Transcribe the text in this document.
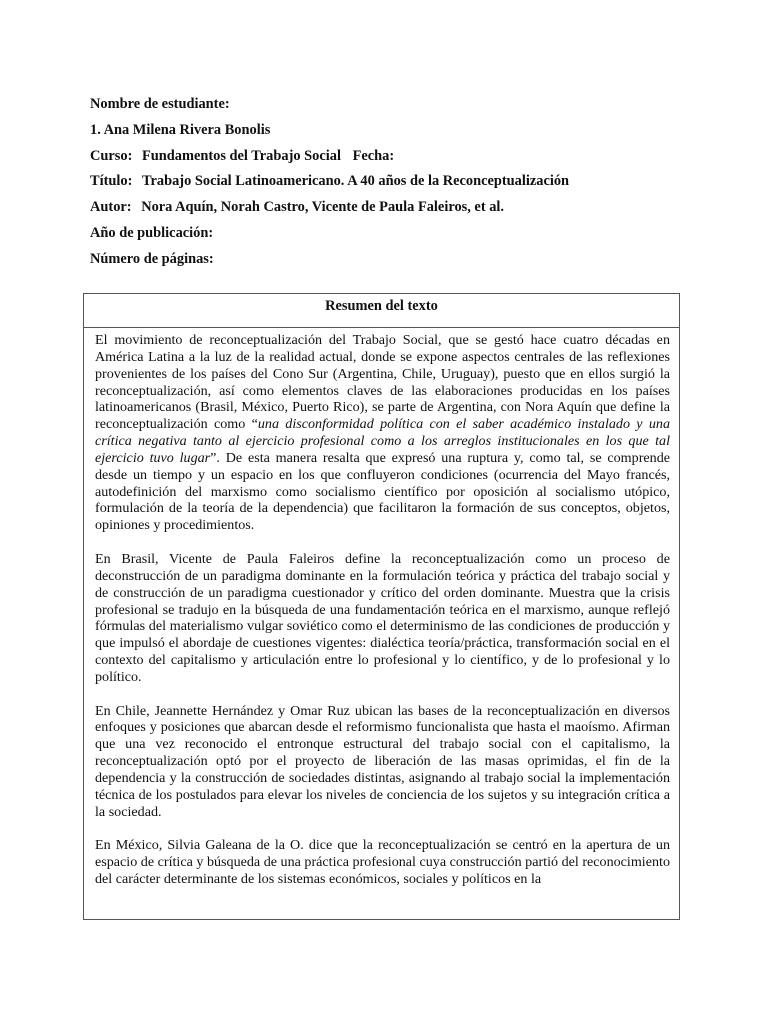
Nombre de estudiante:
1. Ana Milena Rivera Bonolis
Curso: Fundamentos del Trabajo Social Fecha:
Título: Trabajo Social Latinoamericano. A 40 años de la Reconceptualización
Autor: Nora Aquín, Norah Castro, Vicente de Paula Faleiros, et al.
Año de publicación:
Número de páginas:
Resumen del texto

El movimiento de reconceptualización del Trabajo Social, que se gestó hace cuatro décadas en América Latina a la luz de la realidad actual, donde se expone aspectos centrales de las reflexiones provenientes de los países del Cono Sur (Argentina, Chile, Uruguay), puesto que en ellos surgió la reconceptualización, así como elementos claves de las elaboraciones producidas en los países latinoamericanos (Brasil, México, Puerto Rico), se parte de Argentina, con Nora Aquín que define la reconceptualización como “una disconformidad política con el saber académico instalado y una crítica negativa tanto al ejercicio profesional como a los arreglos institucionales en los que tal ejercicio tuvo lugar”. De esta manera resalta que expresó una ruptura y, como tal, se comprende desde un tiempo y un espacio en los que confluyeron condiciones (ocurrencia del Mayo francés, autodefinición del marxismo como socialismo científico por oposición al socialismo utópico, formulación de la teoría de la dependencia) que facilitaron la formación de sus conceptos, objetos, opiniones y procedimientos.

En Brasil, Vicente de Paula Faleiros define la reconceptualización como un proceso de deconstrucción de un paradigma dominante en la formulación teórica y práctica del trabajo social y de construcción de un paradigma cuestionador y crítico del orden dominante. Muestra que la crisis profesional se tradujo en la búsqueda de una fundamentación teórica en el marxismo, aunque reflejó fórmulas del materialismo vulgar soviético como el determinismo de las condiciones de producción y que impulsó el abordaje de cuestiones vigentes: dialéctica teoría/práctica, transformación social en el contexto del capitalismo y articulación entre lo profesional y lo científico, y de lo profesional y lo político.

En Chile, Jeannette Hernández y Omar Ruz ubican las bases de la reconceptualización en diversos enfoques y posiciones que abarcan desde el reformismo funcionalista que hasta el maoísmo. Afirman que una vez reconocido el entronque estructural del trabajo social con el capitalismo, la reconceptualización optó por el proyecto de liberación de las masas oprimidas, el fin de la dependencia y la construcción de sociedades distintas, asignando al trabajo social la implementación técnica de los postulados para elevar los niveles de conciencia de los sujetos y su integración crítica a la sociedad.

En México, Silvia Galeana de la O. dice que la reconceptualización se centró en la apertura de un espacio de crítica y búsqueda de una práctica profesional cuya construcción partió del reconocimiento del carácter determinante de los sistemas económicos, sociales y políticos en la
